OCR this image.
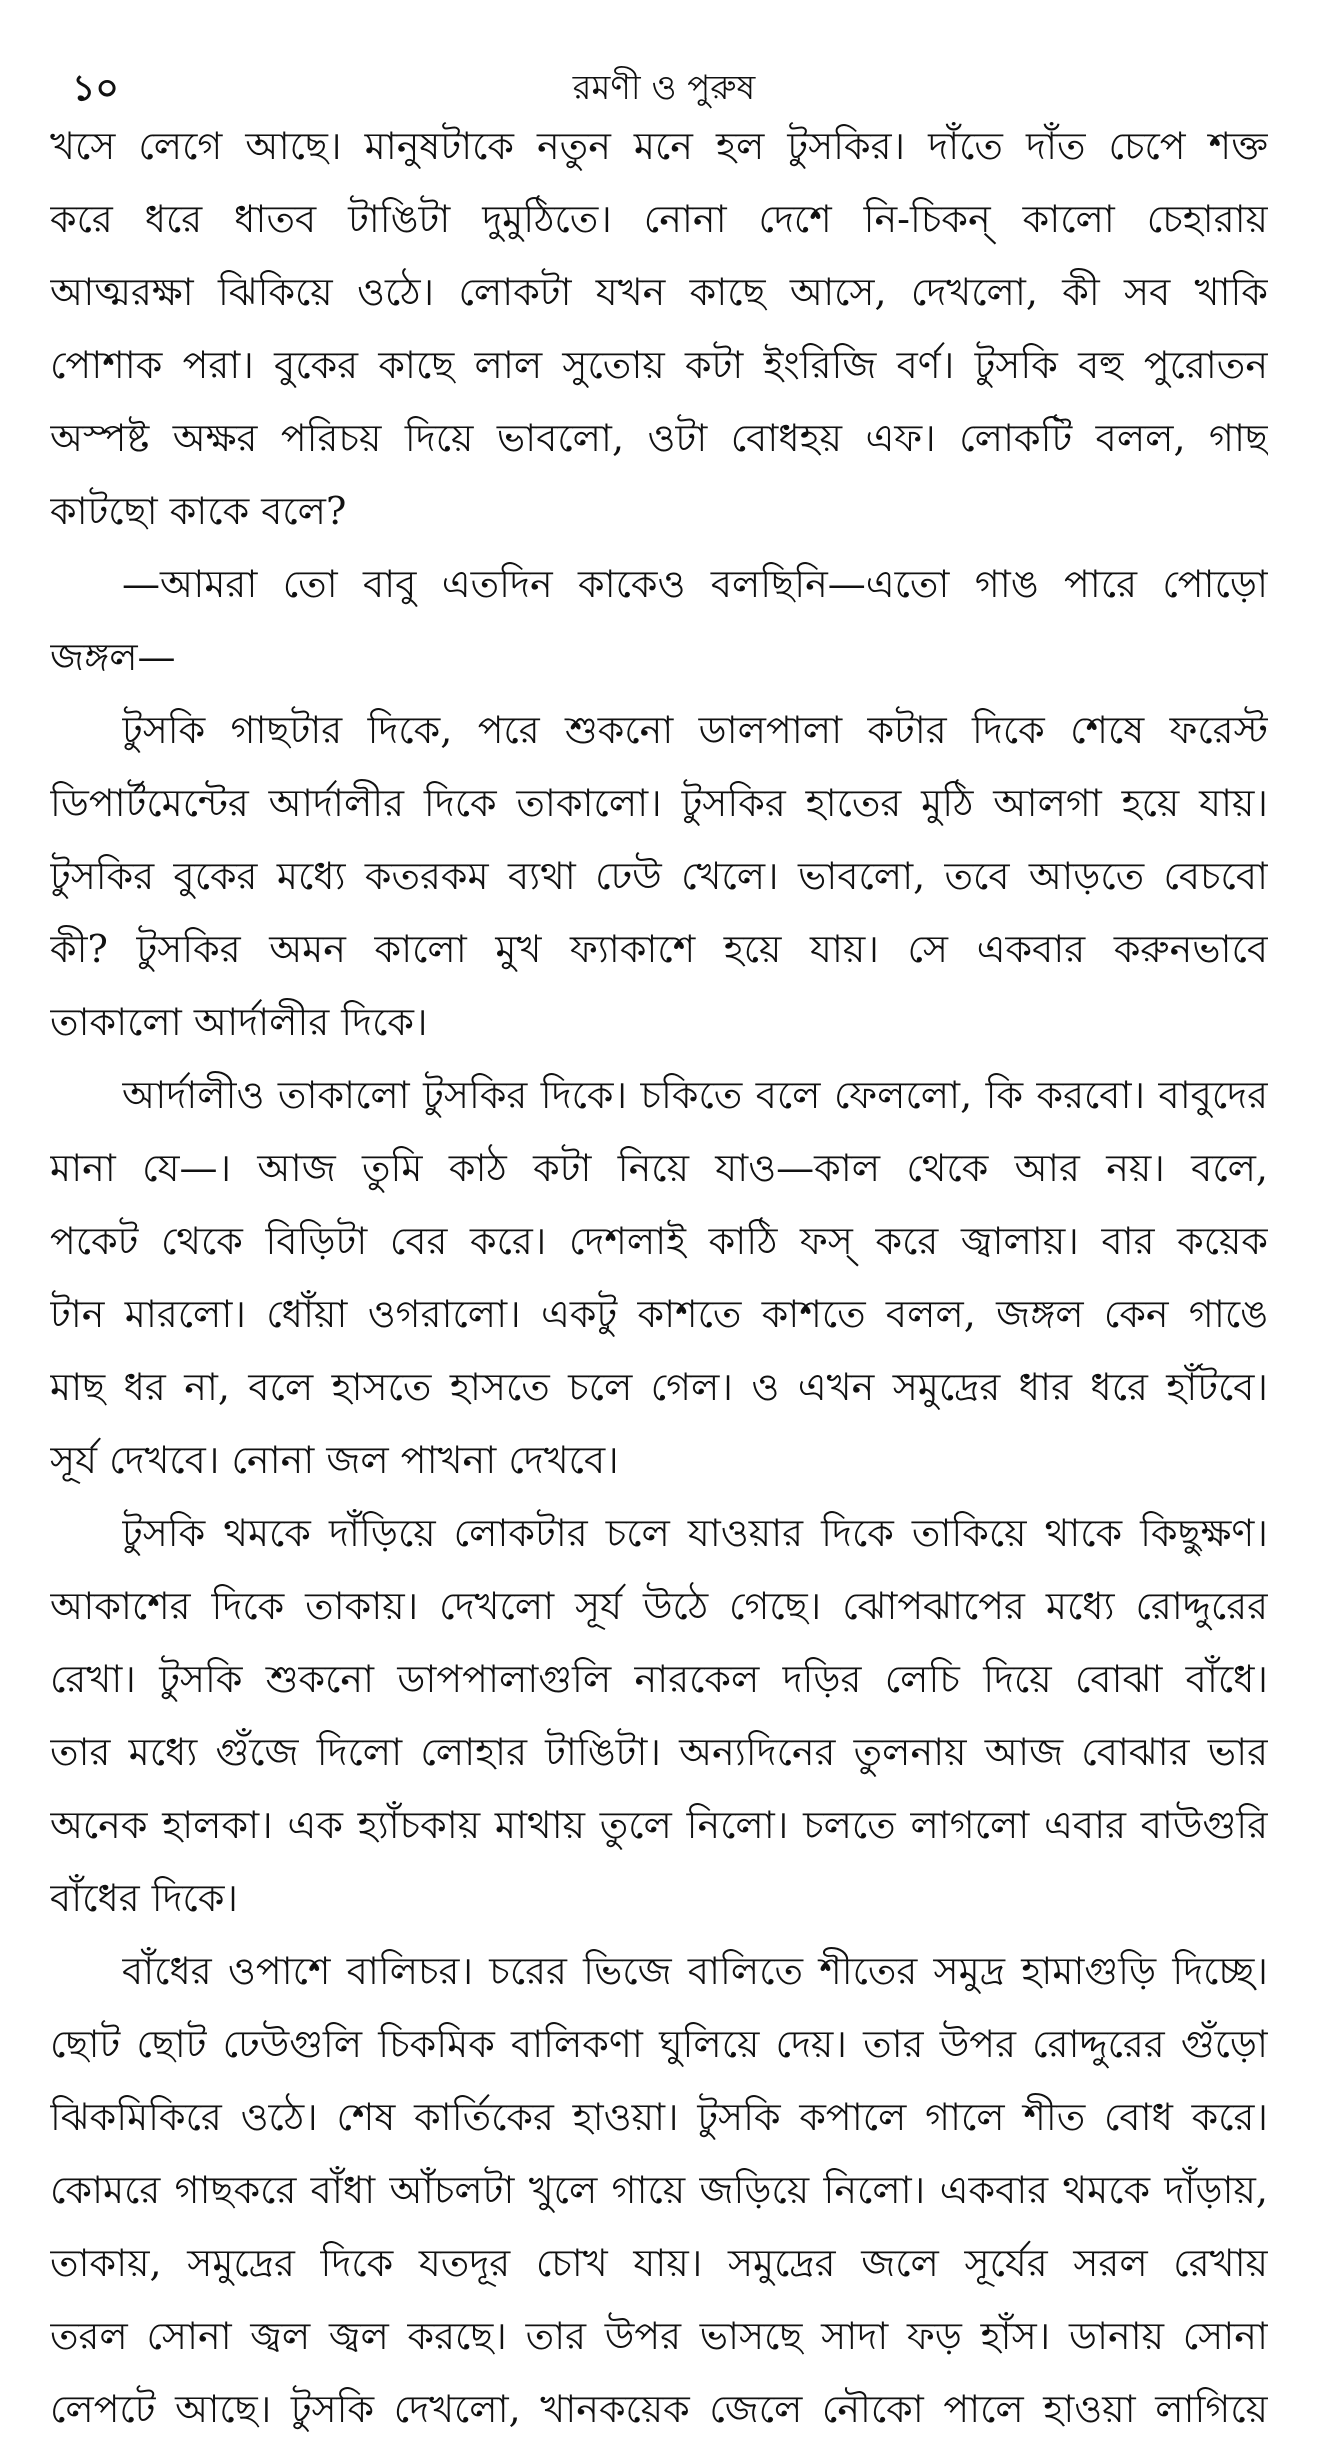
১০	রমণী ও পুরুষ
খসে লেগে আছে। মানুষটাকে নতুন মনে হল টুসকির। দাঁতে দাঁত চেপে শক্ত
করে ধরে ধাতব টাঙিটা দুমুঠিতে। নোনা দেশে নি-চিকন্ কালো চেহারায়
আত্মরক্ষা ঝিকিয়ে ওঠে। লোকটা যখন কাছে আসে, দেখলো, কী সব খাকি
পোশাক পরা। বুকের কাছে লাল সুতোয় কটা ইংরিজি বর্ণ। টুসকি বহু পুরোতন
অস্পষ্ট অক্ষর পরিচয় দিয়ে ভাবলো, ওটা বোধহয় এফ। লোকটি বলল, গাছ
কাটছো কাকে বলে?
—আমরা তো বাবু এতদিন কাকেও বলছিনি—এতো গাঙ পারে পোড়ো
জঙ্গল—
টুসকি গাছটার দিকে, পরে শুকনো ডালপালা কটার দিকে শেষে ফরেস্ট
ডিপার্টমেন্টের আর্দালীর দিকে তাকালো। টুসকির হাতের মুঠি আলগা হয়ে যায়।
টুসকির বুকের মধ্যে কতরকম ব্যথা ঢেউ খেলে। ভাবলো, তবে আড়তে বেচবো
কী? টুসকির অমন কালো মুখ ফ্যাকাশে হয়ে যায়। সে একবার করুনভাবে
তাকালো আর্দালীর দিকে।
আর্দালীও তাকালো টুসকির দিকে। চকিতে বলে ফেললো, কি করবো। বাবুদের
মানা যে—। আজ তুমি কাঠ কটা নিয়ে যাও—কাল থেকে আর নয়। বলে,
পকেট থেকে বিড়িটা বের করে। দেশলাই কাঠি ফস্ করে জ্বালায়। বার কয়েক
টান মারলো। ধোঁয়া ওগরালো। একটু কাশতে কাশতে বলল, জঙ্গল কেন গাঙে
মাছ ধর না, বলে হাসতে হাসতে চলে গেল। ও এখন সমুদ্রের ধার ধরে হাঁটবে।
সূর্য দেখবে। নোনা জল পাখনা দেখবে।
টুসকি থমকে দাঁড়িয়ে লোকটার চলে যাওয়ার দিকে তাকিয়ে থাকে কিছুক্ষণ।
আকাশের দিকে তাকায়। দেখলো সূর্য উঠে গেছে। ঝোপঝাপের মধ্যে রোদ্দুরের
রেখা। টুসকি শুকনো ডাপপালাগুলি নারকেল দড়ির লেচি দিয়ে বোঝা বাঁধে।
তার মধ্যে গুঁজে দিলো লোহার টাঙিটা। অন্যদিনের তুলনায় আজ বোঝার ভার
অনেক হালকা। এক হ্যাঁচকায় মাথায় তুলে নিলো। চলতে লাগলো এবার বাউগুরি
বাঁধের দিকে।
বাঁধের ওপাশে বালিচর। চরের ভিজে বালিতে শীতের সমুদ্র হামাগুড়ি দিচ্ছে।
ছোট ছোট ঢেউগুলি চিকমিক বালিকণা ঘুলিয়ে দেয়। তার উপর রোদ্দুরের গুঁড়ো
ঝিকমিকিরে ওঠে। শেষ কার্তিকের হাওয়া। টুসকি কপালে গালে শীত বোধ করে।
কোমরে গাছকরে বাঁধা আঁচলটা খুলে গায়ে জড়িয়ে নিলো। একবার থমকে দাঁড়ায়,
তাকায়, সমুদ্রের দিকে যতদূর চোখ যায়। সমুদ্রের জলে সূর্যের সরল রেখায়
তরল সোনা জ্বল জ্বল করছে। তার উপর ভাসছে সাদা ফড় হাঁস। ডানায় সোনা
লেপটে আছে। টুসকি দেখলো, খানকয়েক জেলে নৌকো পালে হাওয়া লাগিয়ে
